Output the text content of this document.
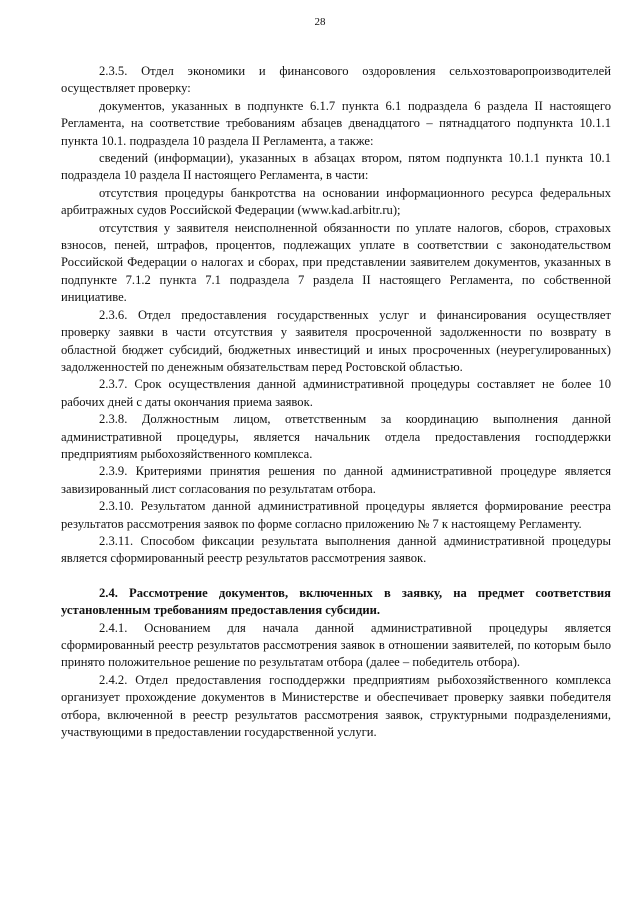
28

2.3.5. Отдел экономики и финансового оздоровления сельхозтоваропроизводителей осуществляет проверку:

документов, указанных в подпункте 6.1.7 пункта 6.1 подраздела 6 раздела II настоящего Регламента, на соответствие требованиям абзацев двенадцатого – пятнадцатого подпункта 10.1.1 пункта 10.1. подраздела 10 раздела II Регламента, а также:

сведений (информации), указанных в абзацах втором, пятом подпункта 10.1.1 пункта 10.1 подраздела 10 раздела II настоящего Регламента, в части:

отсутствия процедуры банкротства на основании информационного ресурса федеральных арбитражных судов Российской Федерации (www.kad.arbitr.ru);

отсутствия у заявителя неисполненной обязанности по уплате налогов, сборов, страховых взносов, пеней, штрафов, процентов, подлежащих уплате в соответствии с законодательством Российской Федерации о налогах и сборах, при представлении заявителем документов, указанных в подпункте 7.1.2 пункта 7.1 подраздела 7 раздела II настоящего Регламента, по собственной инициативе.

2.3.6. Отдел предоставления государственных услуг и финансирования осуществляет проверку заявки в части отсутствия у заявителя просроченной задолженности по возврату в областной бюджет субсидий, бюджетных инвестиций и иных просроченных (неурегулированных) задолженностей по денежным обязательствам перед Ростовской областью.

2.3.7. Срок осуществления данной административной процедуры составляет не более 10 рабочих дней с даты окончания приема заявок.

2.3.8. Должностным лицом, ответственным за координацию выполнения данной административной процедуры, является начальник отдела предоставления господдержки предприятиям рыбохозяйственного комплекса.

2.3.9. Критериями принятия решения по данной административной процедуре является завизированный лист согласования по результатам отбора.

2.3.10. Результатом данной административной процедуры является формирование реестра результатов рассмотрения заявок по форме согласно приложению № 7 к настоящему Регламенту.

2.3.11. Способом фиксации результата выполнения данной административной процедуры является сформированный реестр результатов рассмотрения заявок.

2.4. Рассмотрение документов, включенных в заявку, на предмет соответствия установленным требованиям предоставления субсидии.

2.4.1. Основанием для начала данной административной процедуры является сформированный реестр результатов рассмотрения заявок в отношении заявителей, по которым было принято положительное решение по результатам отбора (далее – победитель отбора).

2.4.2. Отдел предоставления господдержки предприятиям рыбохозяйственного комплекса организует прохождение документов в Министерстве и обеспечивает проверку заявки победителя отбора, включенной в реестр результатов рассмотрения заявок, структурными подразделениями, участвующими в предоставлении государственной услуги.
